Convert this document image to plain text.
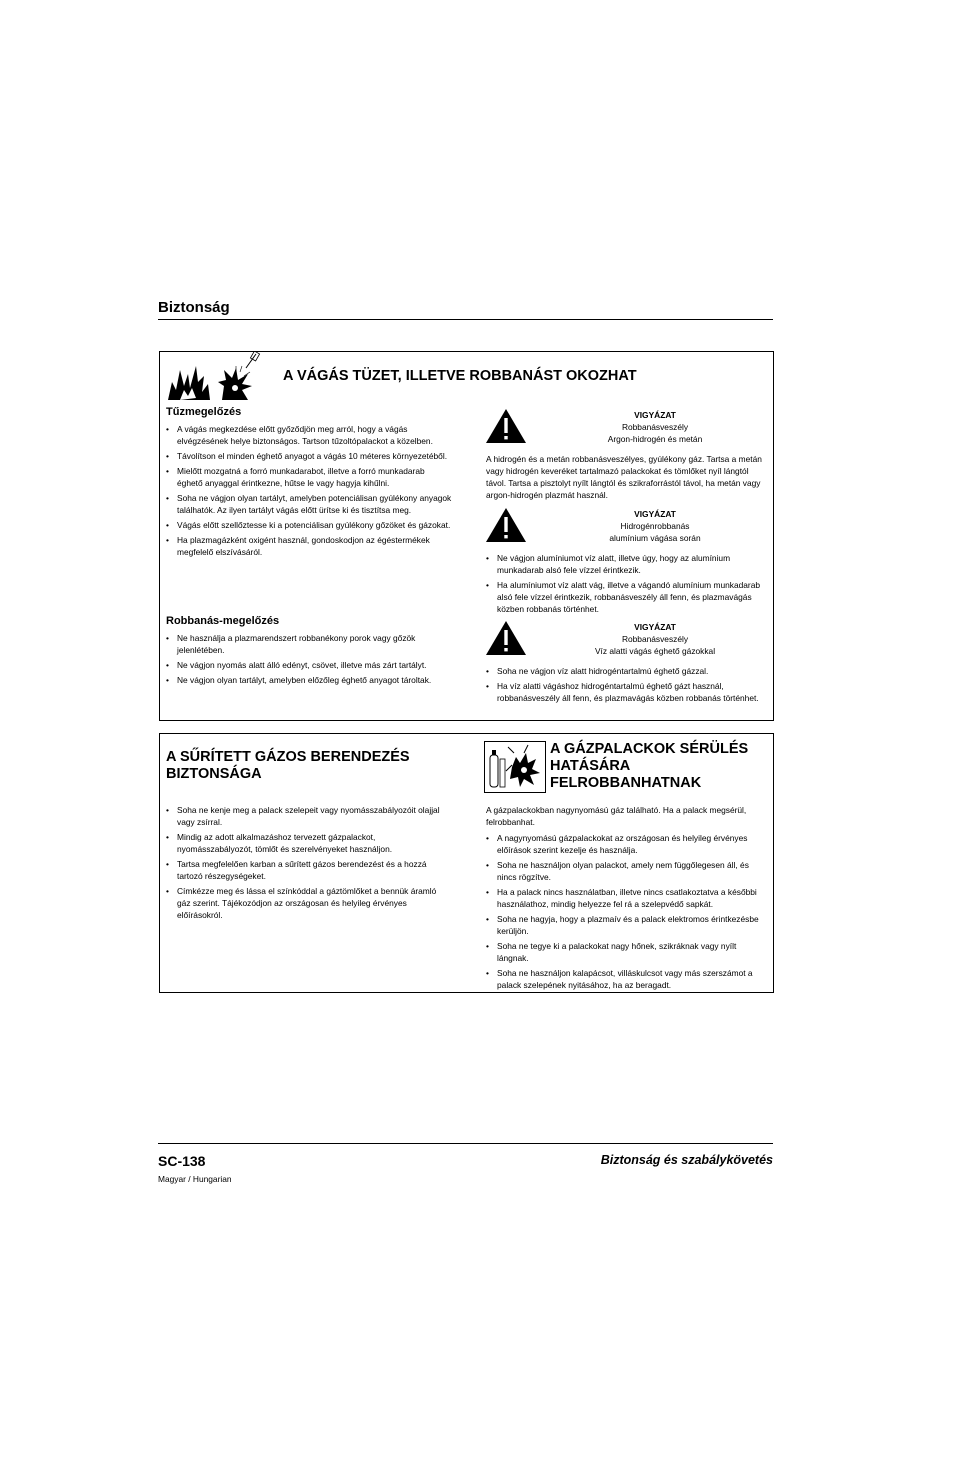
Biztonság
A VÁGÁS TÜZET, ILLETVE ROBBANÁST OKOZHAT
Tűzmegelőzés
• A vágás megkezdése előtt győződjön meg arról, hogy a vágás elvégzésének helye biztonságos. Tartson tűzoltópalackot a közelben.
• Távolítson el minden éghető anyagot a vágás 10 méteres környezetéből.
• Mielőtt mozgatná a forró munkadarabot, illetve a forró munkadarab éghető anyaggal érintkezne, hűtse le vagy hagyja kihűlni.
• Soha ne vágjon olyan tartályt, amelyben potenciálisan gyúlékony anyagok találhatók. Az ilyen tartályt vágás előtt ürítse ki és tisztítsa meg.
• Vágás előtt szellőztesse ki a potenciálisan gyúlékony gőzöket és gázokat.
• Ha plazmagázként oxigént használ, gondoskodjon az égéstermékek megfelelő elszívásáról.
Robbanás-megelőzés
• Ne használja a plazmarendszert robbanékony porok vagy gőzök jelenlétében.
• Ne vágjon nyomás alatt álló edényt, csövet, illetve más zárt tartályt.
• Ne vágjon olyan tartályt, amelyben előzőleg éghető anyagot tároltak.
VIGYÁZAT
Robbanásveszély
Argon-hidrogén és metán

A hidrogén és a metán robbanásveszélyes, gyúlékony gáz. Tartsa a metán vagy hidrogén keveréket tartalmazó palackokat és tömlőket nyíl lángtól távol. Tartsa a pisztolyt nyílt lángtól és szikraforrástól távol, ha metán vagy argon-hidrogén plazmát használ.

VIGYÁZAT
Hidrogénrobbanás
alumínium vágása során
• Ne vágjon alumíniumot víz alatt, illetve úgy, hogy az alumínium munkadarab alsó fele vízzel érintkezik.
• Ha alumíniumot víz alatt vág, illetve a vágandó alumínium munkadarab alsó fele vízzel érintkezik, robbanásveszély áll fenn, és plazmavágás közben robbanás történhet.
VIGYÁZAT
Robbanásveszély
Víz alatti vágás éghető gázokkal
• Soha ne vágjon víz alatt hidrogéntartalmú éghető gázzal.
• Ha víz alatti vágáshoz hidrogéntartalmú éghető gázt használ, robbanásveszély áll fenn, és plazmavágás közben robbanás történhet.
A SŰRÍTETT GÁZOS BERENDEZÉS
BIZTONSÁGA
• Soha ne kenje meg a palack szelepeit vagy nyomásszabályozóit olajjal vagy zsírral.
• Mindig az adott alkalmazáshoz tervezett gázpalackot, nyomásszabályozót, tömlőt és szerelvényeket használjon.
• Tartsa megfelelően karban a sűrített gázos berendezést és a hozzá tartozó részegységeket.
• Címkézze meg és lássa el színkóddal a gáztömlőket a bennük áramló gáz szerint. Tájékozódjon az országosan és helyileg érvényes előírásokról.
A GÁZPALACKOK SÉRÜLÉS
HATÁSÁRA
FELROBBANHATNAK

A gázpalackokban nagynyomású gáz található. Ha a palack megsérül, felrobbanhat.

• A nagynyomású gázpalackokat az országosan és helyileg érvényes előírások szerint kezelje és használja.
• Soha ne használjon olyan palackot, amely nem függőlegesen áll, és nincs rögzítve.
• Ha a palack nincs használatban, illetve nincs csatlakoztatva a későbbi használathoz, mindig helyezze fel rá a szelepvédő sapkát.
• Soha ne hagyja, hogy a plazmaív és a palack elektromos érintkezésbe kerüljön.
• Soha ne tegye ki a palackokat nagy hőnek, szikráknak vagy nyílt lángnak.
• Soha ne használjon kalapácsot, villáskulcsot vagy más szerszámot a palack szelepének nyitásához, ha az beragadt.
SC-138	Biztonság és szabálykövetés
Magyar / Hungarian
